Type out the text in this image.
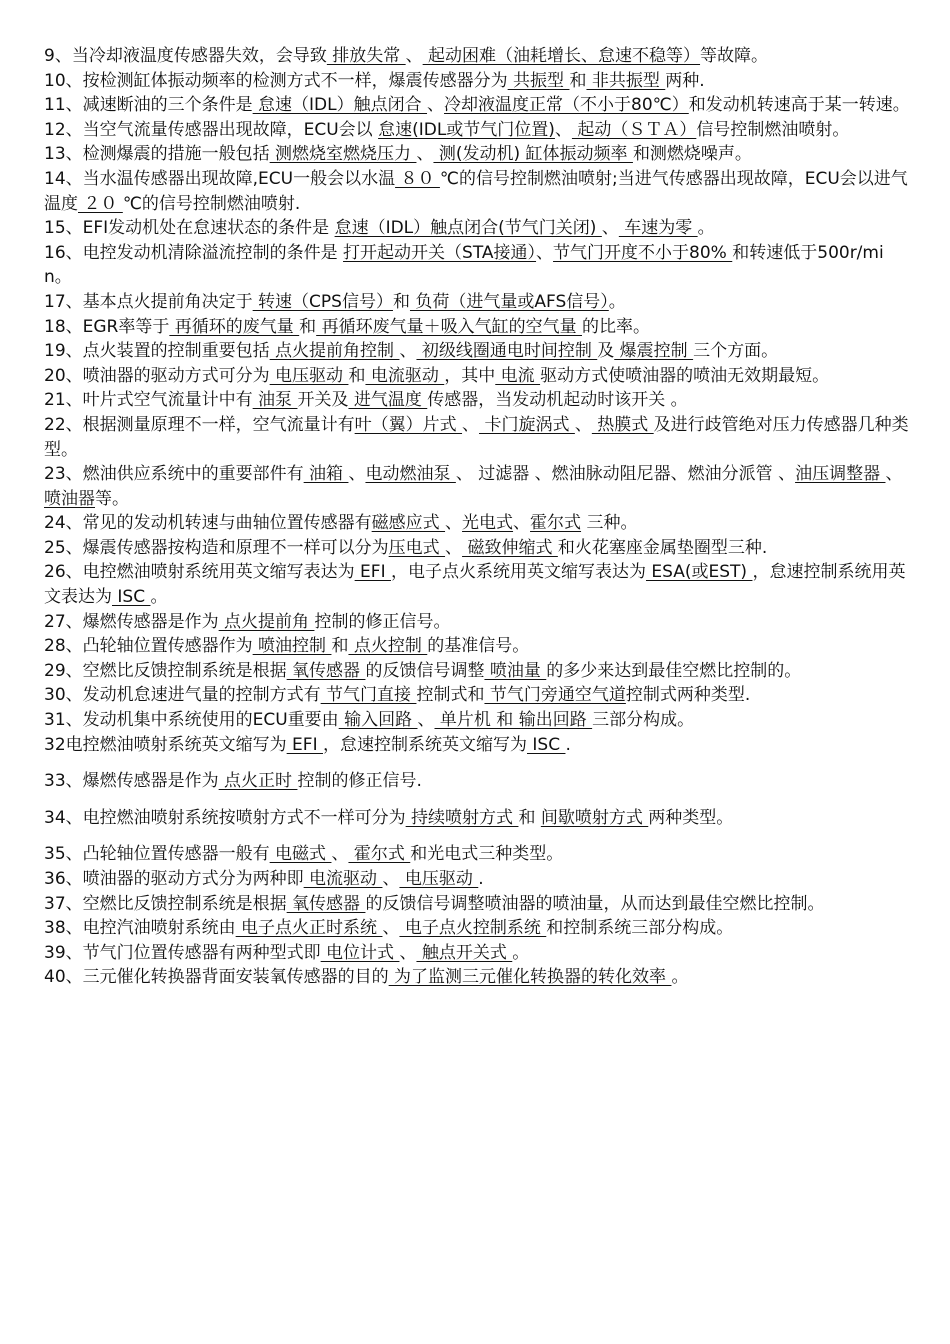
9、当冷却液温度传感器失效，会导致 排放失常 、 起动困难（油耗增长、怠速不稳等）等故障。

10、按检测缸体振动频率的检测方式不一样，爆震传感器分为 共振型 和 非共振型 两种.

11、减速断油的三个条件是 怠速（IDL）触点闭合 、冷却液温度正常（不小于80℃）和发动机转速高于某一转速。

12、当空气流量传感器出现故障，ECU会以 怠速(IDL或节气门位置)、 起动（ＳＴＡ）信号控制燃油喷射。

13、检测爆震的措施一般包括 测燃烧室燃烧压力 、 测(发动机) 缸体振动频率 和测燃烧噪声。

14、当水温传感器出现故障,ECU一般会以水温 ８０ ℃的信号控制燃油喷射;当进气传感器出现故障，ECU会以进气温度 ２０ ℃的信号控制燃油喷射.

15、EFI发动机处在怠速状态的条件是 怠速（IDL）触点闭合(节气门关闭) 、 车速为零 。

16、电控发动机清除溢流控制的条件是 打开起动开关（STA接通）、节气门开度不小于80% 和转速低于500r/min。

17、基本点火提前角决定于 转速（CPS信号）和 负荷（进气量或AFS信号）。

18、EGR率等于 再循环的废气量 和 再循环废气量＋吸入气缸的空气量 的比率。

19、点火装置的控制重要包括 点火提前角控制 、 初级线圈通电时间控制 及 爆震控制 三个方面。

20、喷油器的驱动方式可分为 电压驱动 和 电流驱动 ，其中 电流 驱动方式使喷油器的喷油无效期最短。

21、叶片式空气流量计中有 油泵 开关及 进气温度 传感器，当发动机起动时该开关 。

22、根据测量原理不一样，空气流量计有叶（翼）片式 、 卡门旋涡式 、 热膜式 及进行歧管绝对压力传感器几种类型。

23、燃油供应系统中的重要部件有 油箱 、电动燃油泵 、 过滤器 、燃油脉动阻尼器、燃油分派管 、油压调整器 、喷油器等。

24、常见的发动机转速与曲轴位置传感器有磁感应式 、光电式、霍尔式 三种。

25、爆震传感器按构造和原理不一样可以分为压电式 、 磁致伸缩式 和火花塞座金属垫圈型三种.

26、电控燃油喷射系统用英文缩写表达为 EFI ，电子点火系统用英文缩写表达为 ESA(或EST) ，怠速控制系统用英文表达为 ISC 。

27、爆燃传感器是作为 点火提前角 控制的修正信号。

28、凸轮轴位置传感器作为 喷油控制 和 点火控制 的基准信号。

29、空燃比反馈控制系统是根据 氧传感器 的反馈信号调整 喷油量 的多少来达到最佳空燃比控制的。

30、发动机怠速进气量的控制方式有 节气门直接 控制式和 节气门旁通空气道控制式两种类型.

31、发动机集中系统使用的ECU重要由 输入回路 、 单片机 和 输出回路 三部分构成。

32电控燃油喷射系统英文缩写为 EFI ，怠速控制系统英文缩写为 ISC .

33、爆燃传感器是作为 点火正时 控制的修正信号.

34、电控燃油喷射系统按喷射方式不一样可分为 持续喷射方式 和 间歇喷射方式 两种类型。

35、凸轮轴位置传感器一般有 电磁式 、 霍尔式 和光电式三种类型。

36、喷油器的驱动方式分为两种即 电流驱动 、 电压驱动 .

37、空燃比反馈控制系统是根据 氧传感器 的反馈信号调整喷油器的喷油量，从而达到最佳空燃比控制。

38、电控汽油喷射系统由 电子点火正时系统 、 电子点火控制系统 和控制系统三部分构成。

39、节气门位置传感器有两种型式即 电位计式 、 触点开关式 。

40、三元催化转换器背面安装氧传感器的目的 为了监测三元催化转换器的转化效率 。
